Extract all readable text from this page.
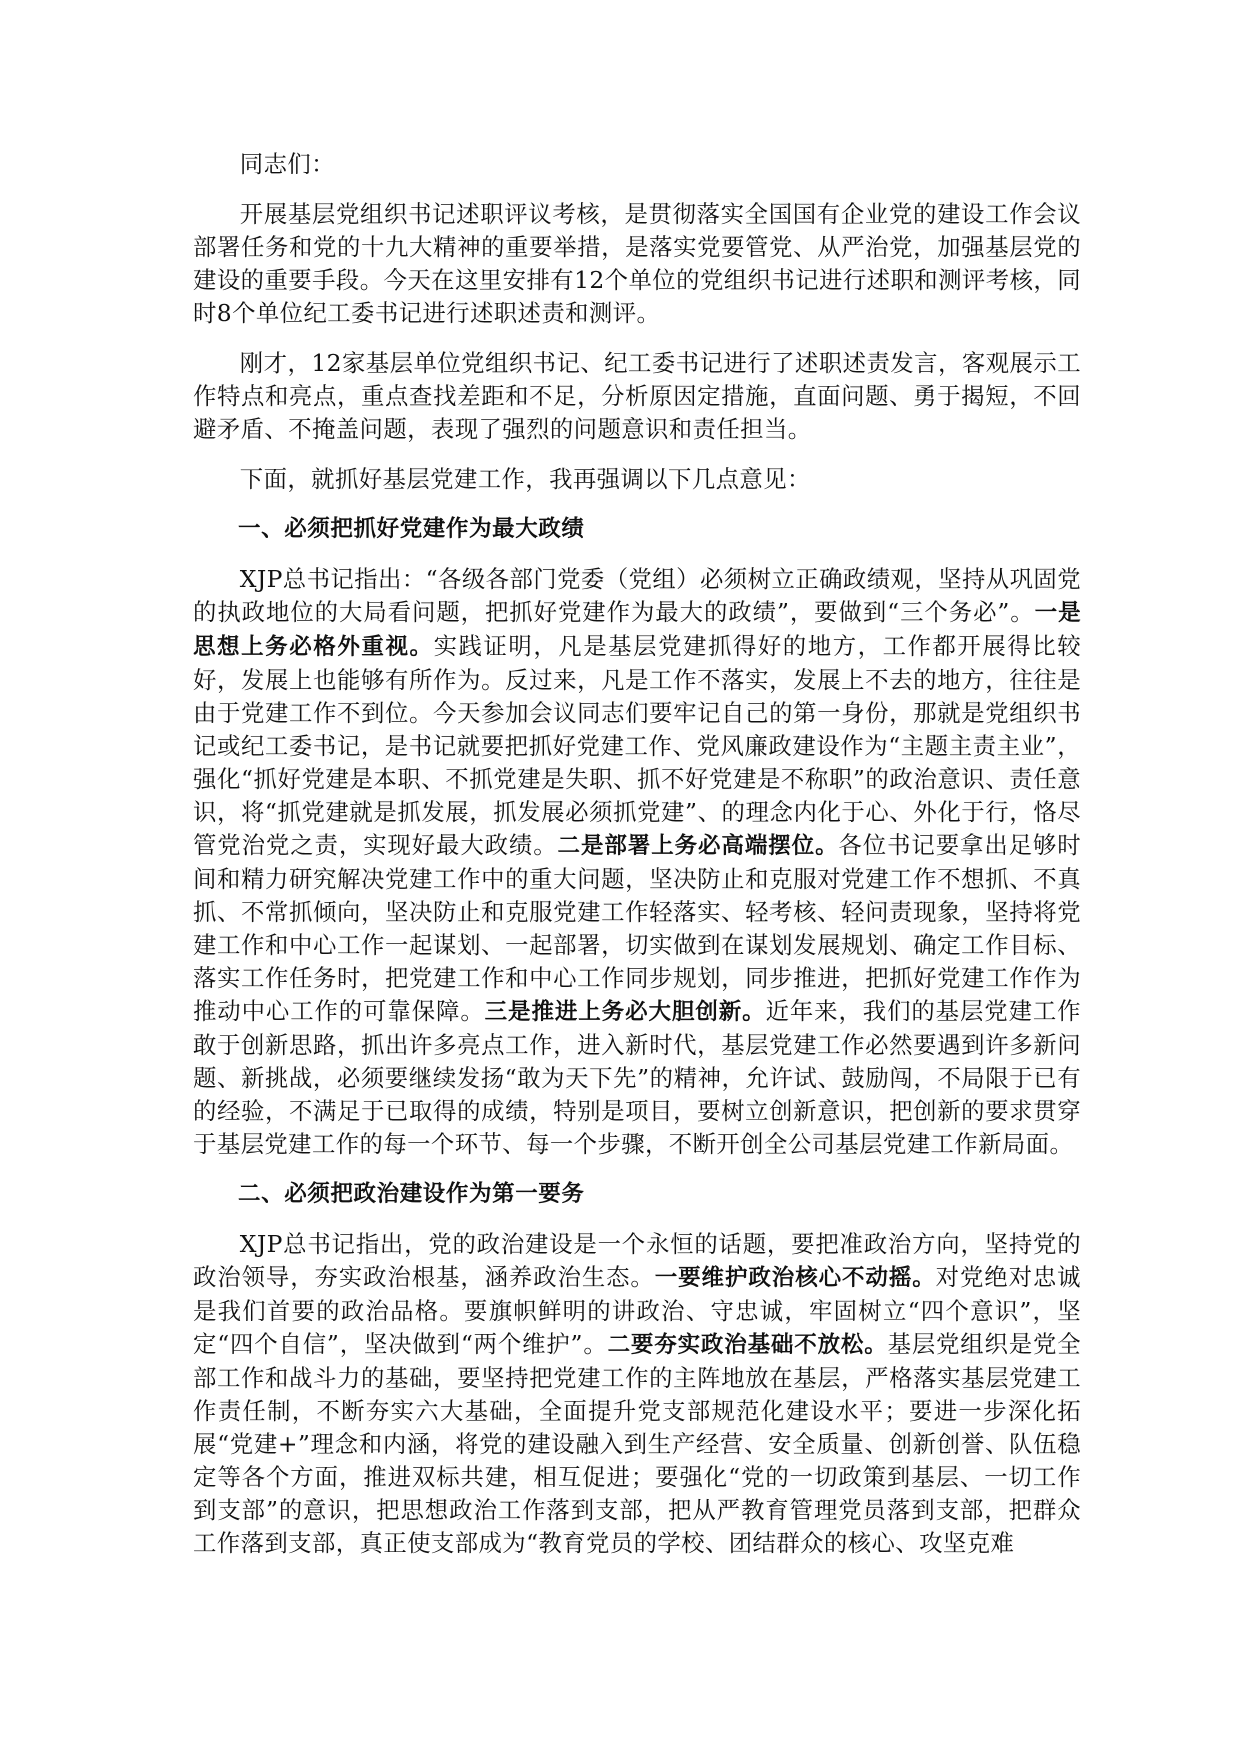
同志们：

开展基层党组织书记述职评议考核，是贯彻落实全国国有企业党的建设工作会议部署任务和党的十九大精神的重要举措，是落实党要管党、从严治党，加强基层党的建设的重要手段。今天在这里安排有12个单位的党组织书记进行述职和测评考核，同时8个单位纪工委书记进行述职述责和测评。

刚才，12家基层单位党组织书记、纪工委书记进行了述职述责发言，客观展示工作特点和亮点，重点查找差距和不足，分析原因定措施，直面问题、勇于揭短，不回避矛盾、不掩盖问题，表现了强烈的问题意识和责任担当。

下面，就抓好基层党建工作，我再强调以下几点意见：

一、必须把抓好党建作为最大政绩

XJP总书记指出：“各级各部门党委（党组）必须树立正确政绩观，坚持从巩固党的执政地位的大局看问题，把抓好党建作为最大的政绩”，要做到“三个务必”。一是思想上务必格外重视。实践证明，凡是基层党建抓得好的地方，工作都开展得比较好，发展上也能够有所作为。反过来，凡是工作不落实，发展上不去的地方，往往是由于党建工作不到位。今天参加会议同志们要牢记自己的第一身份，那就是党组织书记或纪工委书记，是书记就要把抓好党建工作、党风廉政建设作为“主题主责主业”，强化“抓好党建是本职、不抓党建是失职、抓不好党建是不称职”的政治意识、责任意识，将“抓党建就是抓发展，抓发展必须抓党建”、的理念内化于心、外化于行，恪尽管党治党之责，实现好最大政绩。二是部署上务必高端摆位。各位书记要拿出足够时间和精力研究解决党建工作中的重大问题，坚决防止和克服对党建工作不想抓、不真抓、不常抓倾向，坚决防止和克服党建工作轻落实、轻考核、轻问责现象，坚持将党建工作和中心工作一起谋划、一起部署，切实做到在谋划发展规划、确定工作目标、落实工作任务时，把党建工作和中心工作同步规划，同步推进，把抓好党建工作作为推动中心工作的可靠保障。三是推进上务必大胆创新。近年来，我们的基层党建工作敢于创新思路，抓出许多亮点工作，进入新时代，基层党建工作必然要遇到许多新问题、新挑战，必须要继续发扬“敢为天下先”的精神，允许试、鼓励闯，不局限于已有的经验，不满足于已取得的成绩，特别是项目，要树立创新意识，把创新的要求贯穿于基层党建工作的每一个环节、每一个步骤，不断开创全公司基层党建工作新局面。

二、必须把政治建设作为第一要务

XJP总书记指出，党的政治建设是一个永恒的话题，要把准政治方向，坚持党的政治领导，夯实政治根基，涵养政治生态。一要维护政治核心不动摇。对党绝对忠诚是我们首要的政治品格。要旗帜鲜明的讲政治、守忠诚，牢固树立“四个意识”，坚定“四个自信”，坚决做到“两个维护”。二要夯实政治基础不放松。基层党组织是党全部工作和战斗力的基础，要坚持把党建工作的主阵地放在基层，严格落实基层党建工作责任制，不断夯实六大基础，全面提升党支部规范化建设水平；要进一步深化拓展“党建+”理念和内涵，将党的建设融入到生产经营、安全质量、创新创誉、队伍稳定等各个方面，推进双标共建，相互促进；要强化“党的一切政策到基层、一切工作到支部”的意识，把思想政治工作落到支部，把从严教育管理党员落到支部，把群众工作落到支部，真正使支部成为“教育党员的学校、团结群众的核心、攻坚克难
